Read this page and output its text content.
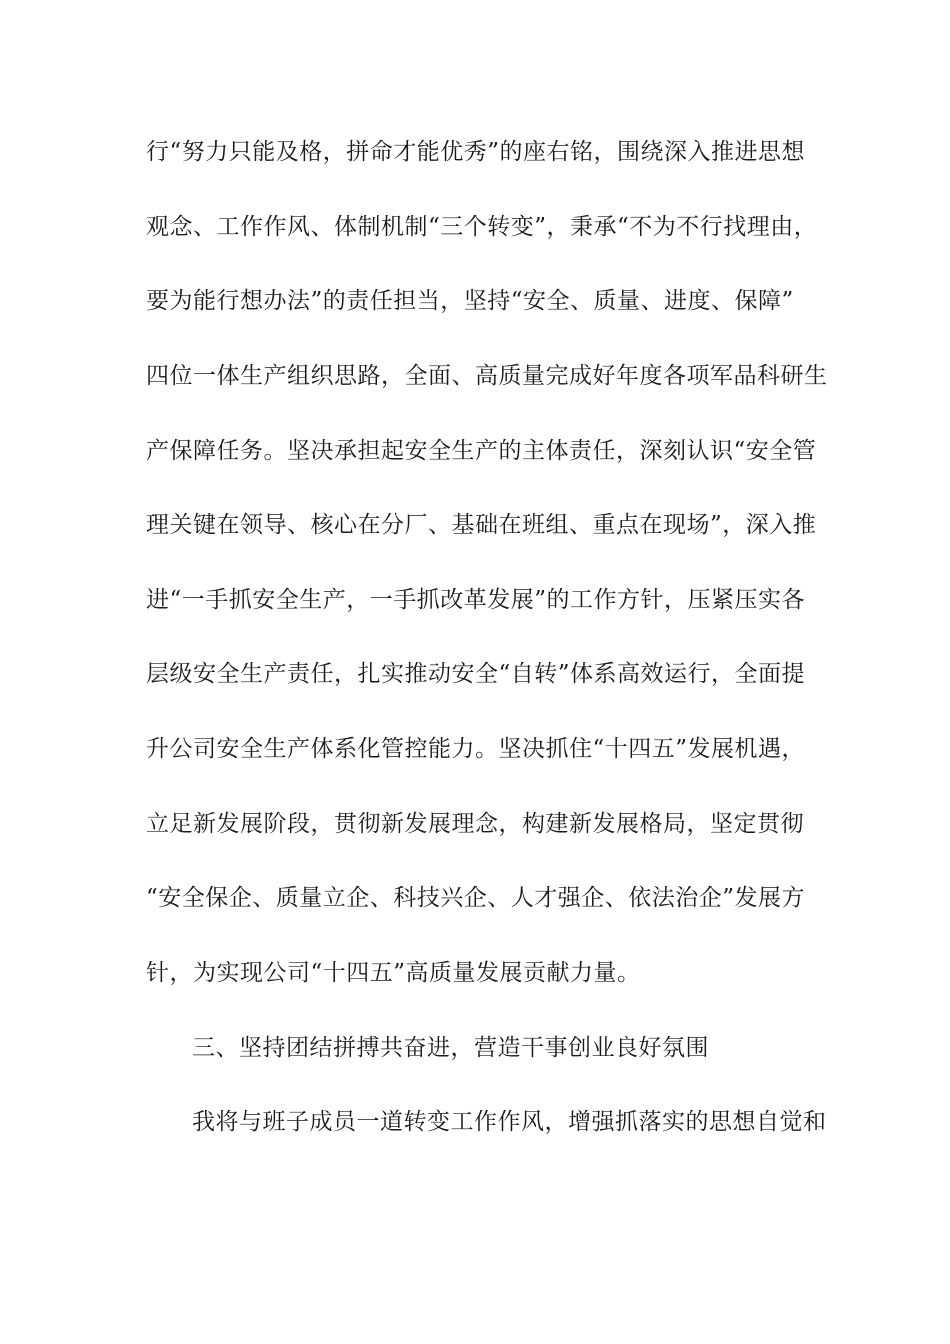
行“努力只能及格，拼命才能优秀”的座右铭，围绕深入推进思想
观念、工作作风、体制机制“三个转变”，秉承“不为不行找理由，
要为能行想办法”的责任担当，坚持“安全、质量、进度、保障”
四位一体生产组织思路，全面、高质量完成好年度各项军品科研生
产保障任务。坚决承担起安全生产的主体责任，深刻认识“安全管
理关键在领导、核心在分厂、基础在班组、重点在现场”，深入推
进“一手抓安全生产，一手抓改革发展”的工作方针，压紧压实各
层级安全生产责任，扎实推动安全“自转”体系高效运行，全面提
升公司安全生产体系化管控能力。坚决抓住“十四五”发展机遇，
立足新发展阶段，贯彻新发展理念，构建新发展格局，坚定贯彻
“安全保企、质量立企、科技兴企、人才强企、依法治企”发展方
针，为实现公司“十四五”高质量发展贡献力量。
三、坚持团结拼搏共奋进，营造干事创业良好氛围
我将与班子成员一道转变工作作风，增强抓落实的思想自觉和
